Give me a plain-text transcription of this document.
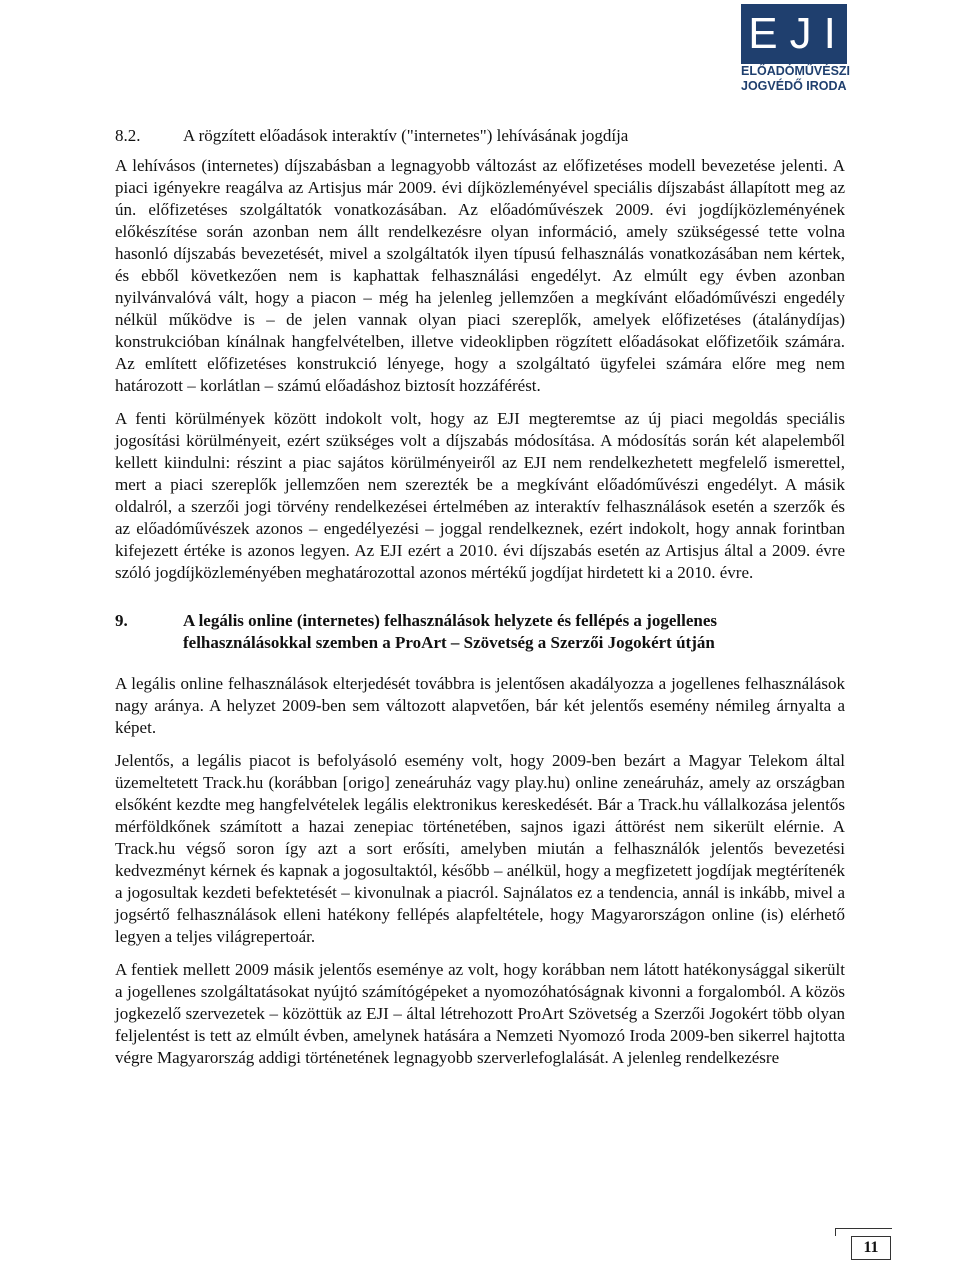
EJI
ELŐADÓMŰVÉSZI
JOGVÉDŐ IRODA
8.2.	A rögzített előadások interaktív ("internetes") lehívásának jogdíja

A lehívásos (internetes) díjszabásban a legnagyobb változást az előfizetéses modell bevezetése jelenti. A piaci igényekre reagálva az Artisjus már 2009. évi díjközleményével speciális díjszabást állapított meg az ún. előfizetéses szolgáltatók vonatkozásában. Az előadóművészek 2009. évi jogdíjközleményének előkészítése során azonban nem állt rendelkezésre olyan információ, amely szükségessé tette volna hasonló díjszabás bevezetését, mivel a szolgáltatók ilyen típusú felhasználás vonatkozásában nem kértek, és ebből következően nem is kaphattak felhasználási engedélyt. Az elmúlt egy évben azonban nyilvánvalóvá vált, hogy a piacon – még ha jelenleg jellemzően a megkívánt előadóművészi engedély nélkül működve is – de jelen vannak olyan piaci szereplők, amelyek előfizetéses (átalánydíjas) konstrukcióban kínálnak hangfelvételben, illetve videoklipben rögzített előadásokat előfizetőik számára. Az említett előfizetéses konstrukció lényege, hogy a szolgáltató ügyfelei számára előre meg nem határozott – korlátlan – számú előadáshoz biztosít hozzáférést.

A fenti körülmények között indokolt volt, hogy az EJI megteremtse az új piaci megoldás speciális jogosítási körülményeit, ezért szükséges volt a díjszabás módosítása. A módosítás során két alapelemből kellett kiindulni: részint a piac sajátos körülményeiről az EJI nem rendelkezhetett megfelelő ismerettel, mert a piaci szereplők jellemzően nem szerezték be a megkívánt előadóművészi engedélyt. A másik oldalról, a szerzői jogi törvény rendelkezései értelmében az interaktív felhasználások esetén a szerzők és az előadóművészek azonos – engedélyezési – joggal rendelkeznek, ezért indokolt, hogy annak forintban kifejezett értéke is azonos legyen. Az EJI ezért a 2010. évi díjszabás esetén az Artisjus által a 2009. évre szóló jogdíjközleményében meghatározottal azonos mértékű jogdíjat hirdetett ki a 2010. évre.

9.	A legális online (internetes) felhasználások helyzete és fellépés a jogellenes felhasználásokkal szemben a ProArt – Szövetség a Szerzői Jogokért útján

A legális online felhasználások elterjedését továbbra is jelentősen akadályozza a jogellenes felhasználások nagy aránya. A helyzet 2009-ben sem változott alapvetően, bár két jelentős esemény némileg árnyalta a képet.

Jelentős, a legális piacot is befolyásoló esemény volt, hogy 2009-ben bezárt a Magyar Telekom által üzemeltetett Track.hu (korábban [origo] zeneáruház vagy play.hu) online zeneáruház, amely az országban elsőként kezdte meg hangfelvételek legális elektronikus kereskedését. Bár a Track.hu vállalkozása jelentős mérföldkőnek számított a hazai zenepiac történetében, sajnos igazi áttörést nem sikerült elérnie. A Track.hu végső soron így azt a sort erősíti, amelyben miután a felhasználók jelentős bevezetési kedvezményt kérnek és kapnak a jogosultaktól, később – anélkül, hogy a megfizetett jogdíjak megtérítenék a jogosultak kezdeti befektetését – kivonulnak a piacról. Sajnálatos ez a tendencia, annál is inkább, mivel a jogsértő felhasználások elleni hatékony fellépés alapfeltétele, hogy Magyarországon online (is) elérhető legyen a teljes világrepertoár.

A fentiek mellett 2009 másik jelentős eseménye az volt, hogy korábban nem látott hatékonysággal sikerült a jogellenes szolgáltatásokat nyújtó számítógépeket a nyomozóhatóságnak kivonni a forgalomból. A közös jogkezelő szervezetek – közöttük az EJI – által létrehozott ProArt Szövetség a Szerzői Jogokért több olyan feljelentést is tett az elmúlt évben, amelynek hatására a Nemzeti Nyomozó Iroda 2009-ben sikerrel hajtotta végre Magyarország addigi történetének legnagyobb szerverlefoglalását. A jelenleg rendelkezésre

11
